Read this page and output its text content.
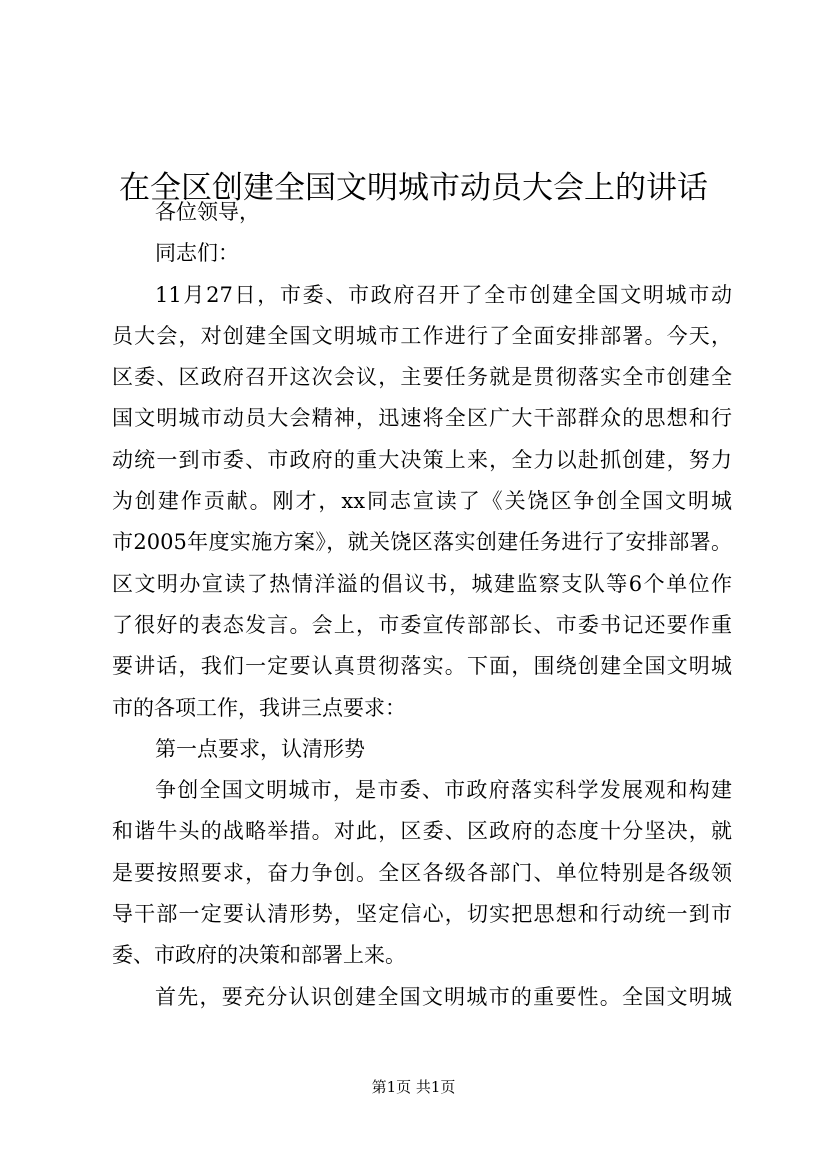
在全区创建全国文明城市动员大会上的讲话
各位领导，
同志们：
11月27日，市委、市政府召开了全市创建全国文明城市动
员大会，对创建全国文明城市工作进行了全面安排部署。今天，
区委、区政府召开这次会议，主要任务就是贯彻落实全市创建全
国文明城市动员大会精神，迅速将全区广大干部群众的思想和行
动统一到市委、市政府的重大决策上来，全力以赴抓创建，努力
为创建作贡献。刚才，xx同志宣读了《关饶区争创全国文明城
市2005年度实施方案》，就关饶区落实创建任务进行了安排部署。
区文明办宣读了热情洋溢的倡议书，城建监察支队等6个单位作
了很好的表态发言。会上，市委宣传部部长、市委书记还要作重
要讲话，我们一定要认真贯彻落实。下面，围绕创建全国文明城
市的各项工作，我讲三点要求：
第一点要求，认清形势
争创全国文明城市，是市委、市政府落实科学发展观和构建
和谐牛头的战略举措。对此，区委、区政府的态度十分坚决，就
是要按照要求，奋力争创。全区各级各部门、单位特别是各级领
导干部一定要认清形势，坚定信心，切实把思想和行动统一到市
委、市政府的决策和部署上来。
首先，要充分认识创建全国文明城市的重要性。全国文明城
第1页 共1页
